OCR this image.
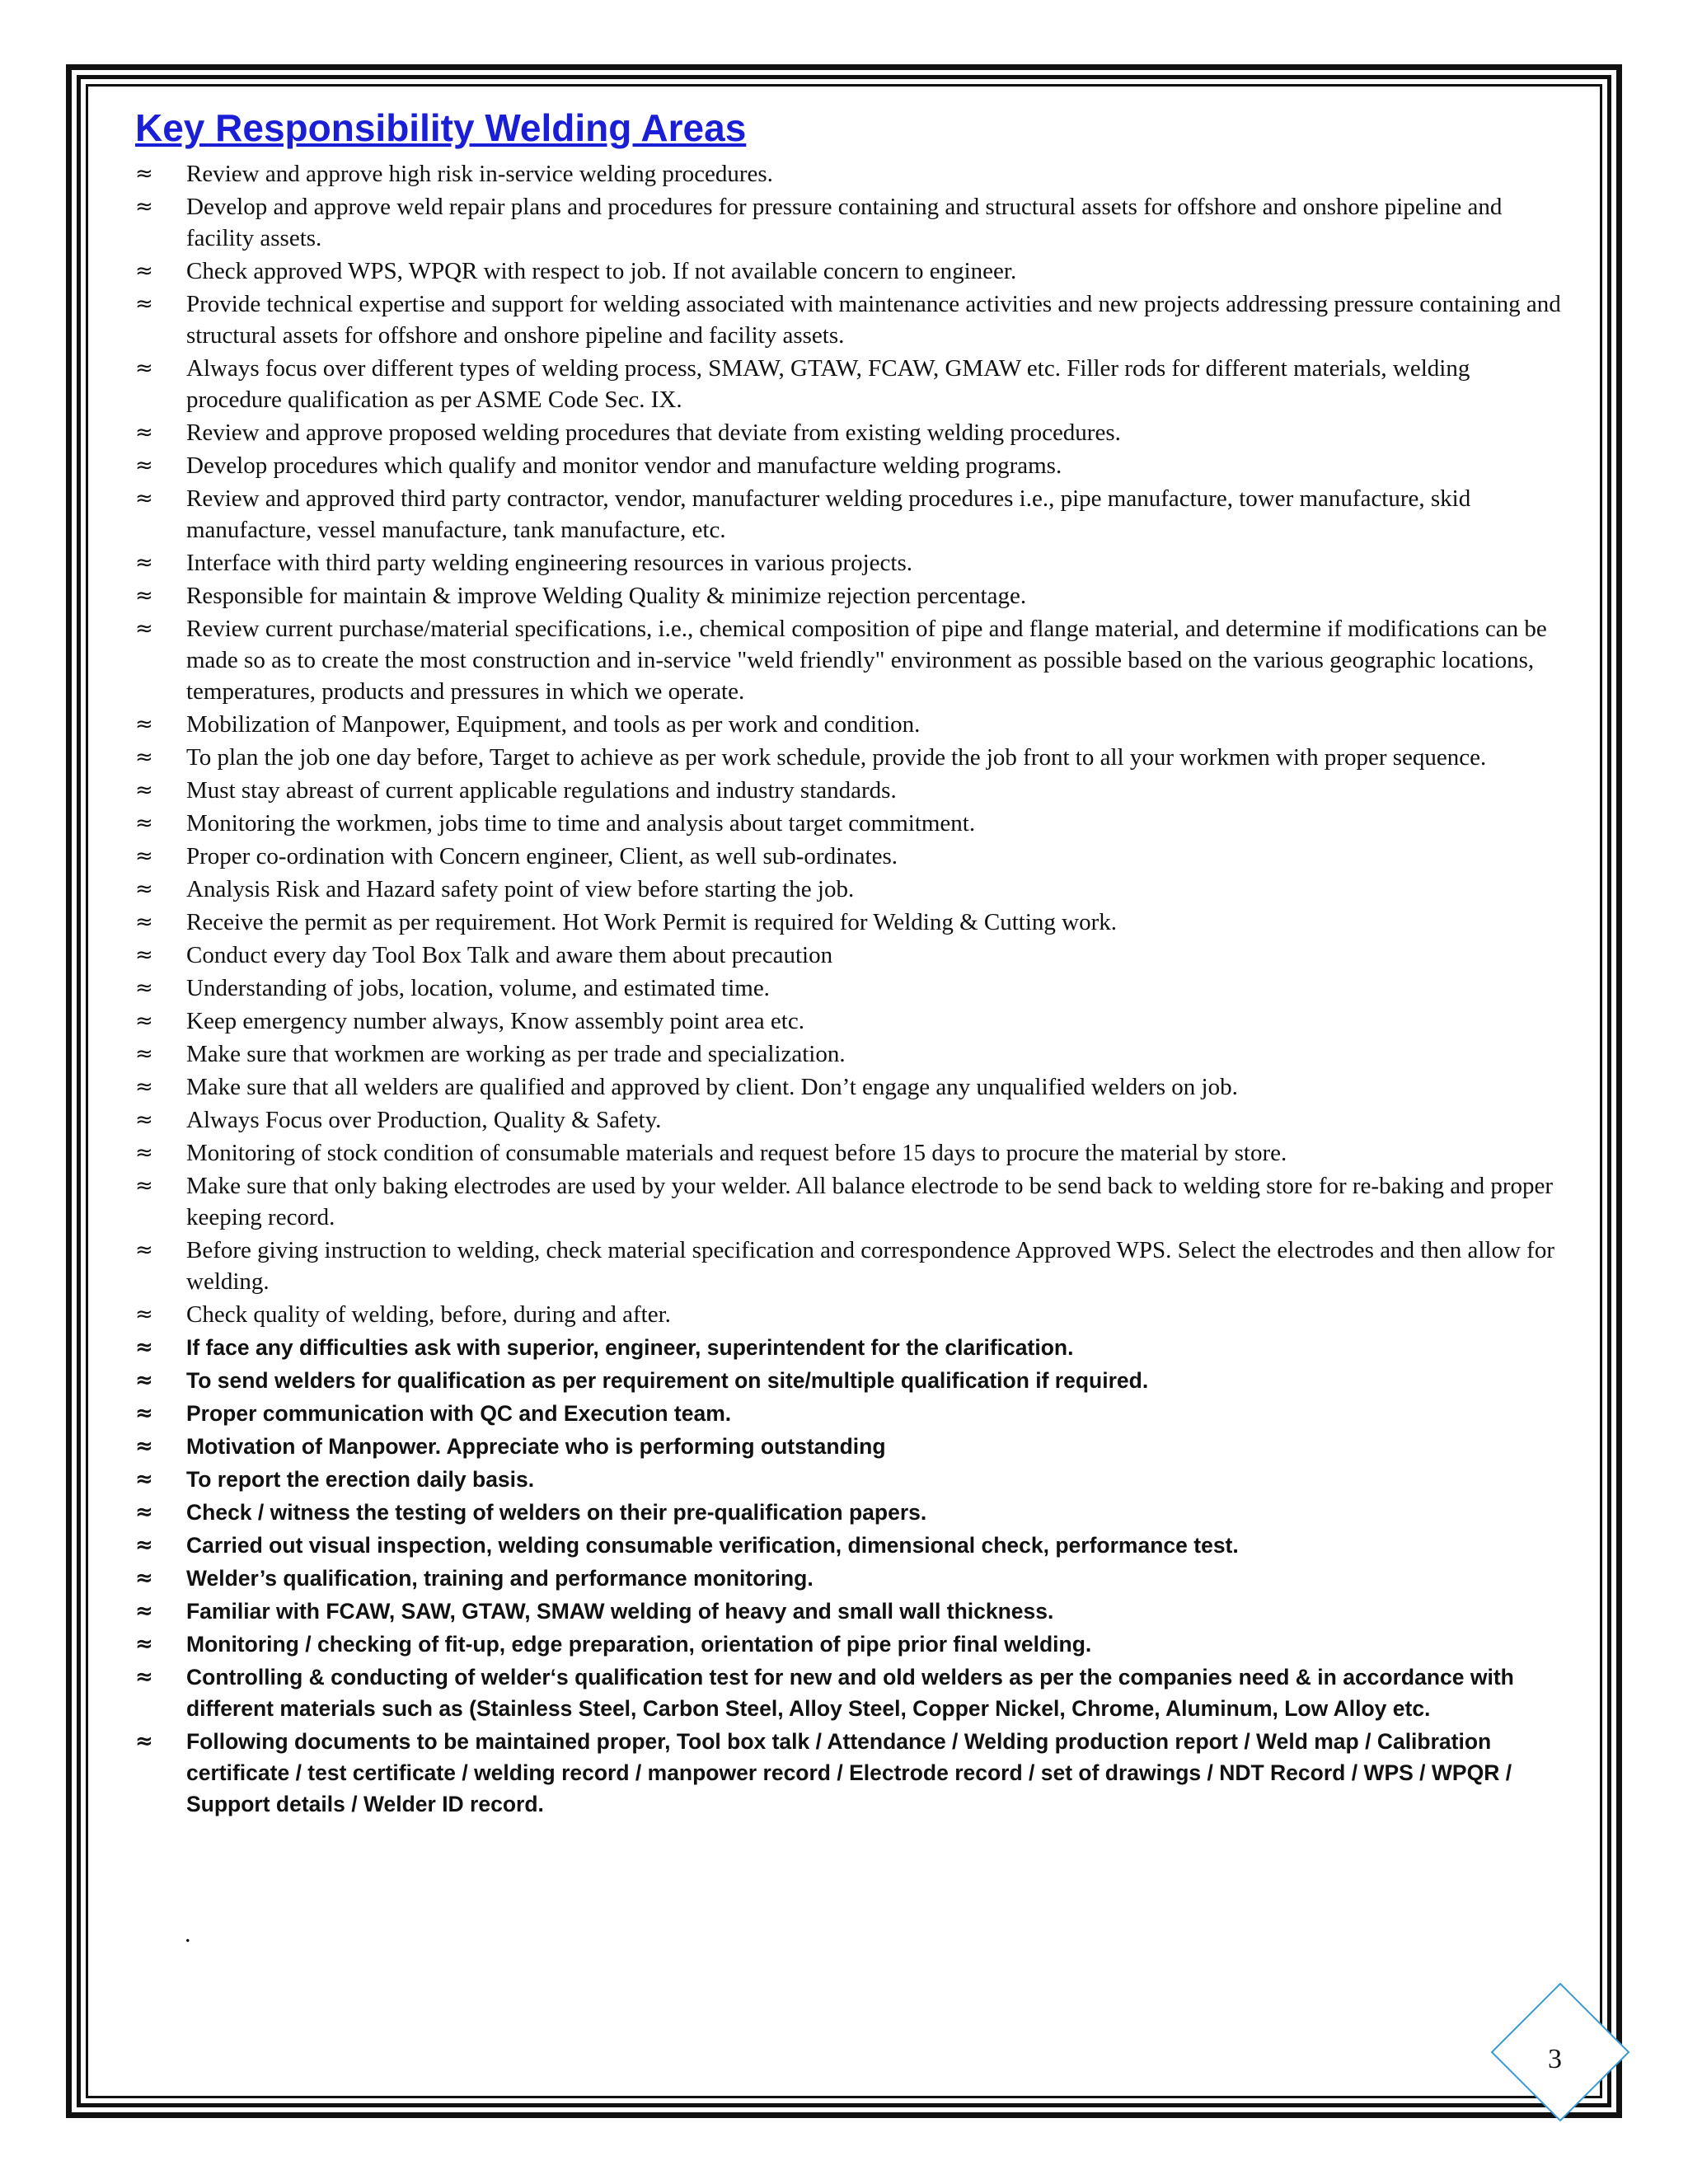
Key Responsibility Welding Areas
≈	Review and approve high risk in-service welding procedures.
≈	Develop and approve weld repair plans and procedures for pressure containing and structural assets for offshore and onshore pipeline and facility assets.
≈	Check approved WPS, WPQR with respect to job. If not available concern to engineer.
≈	Provide technical expertise and support for welding associated with maintenance activities and new projects addressing pressure containing and structural assets for offshore and onshore pipeline and facility assets.
≈	Always focus over different types of welding process, SMAW, GTAW, FCAW, GMAW etc. Filler rods for different materials, welding procedure qualification as per ASME Code Sec. IX.
≈	Review and approve proposed welding procedures that deviate from existing welding procedures.
≈	Develop procedures which qualify and monitor vendor and manufacture welding programs.
≈	Review and approved third party contractor, vendor, manufacturer welding procedures i.e., pipe manufacture, tower manufacture, skid manufacture, vessel manufacture, tank manufacture, etc.
≈	Interface with third party welding engineering resources in various projects.
≈	Responsible for maintain & improve Welding Quality & minimize rejection percentage.
≈	Review current purchase/material specifications, i.e., chemical composition of pipe and flange material, and determine if modifications can be made so as to create the most construction and in-service "weld friendly" environment as possible based on the various geographic locations, temperatures, products and pressures in which we operate.
≈	Mobilization of Manpower, Equipment, and tools as per work and condition.
≈	To plan the job one day before, Target to achieve as per work schedule, provide the job front to all your workmen with proper sequence.
≈	Must stay abreast of current applicable regulations and industry standards.
≈	Monitoring the workmen, jobs time to time and analysis about target commitment.
≈	Proper co-ordination with Concern engineer, Client, as well sub-ordinates.
≈	Analysis Risk and Hazard safety point of view before starting the job.
≈	Receive the permit as per requirement. Hot Work Permit is required for Welding & Cutting work.
≈	Conduct every day Tool Box Talk and aware them about precaution
≈	Understanding of jobs, location, volume, and estimated time.
≈	Keep emergency number always, Know assembly point area etc.
≈	Make sure that workmen are working as per trade and specialization.
≈	Make sure that all welders are qualified and approved by client. Don’t engage any unqualified welders on job.
≈	Always Focus over Production, Quality & Safety.
≈	Monitoring of stock condition of consumable materials and request before 15 days to procure the material by store.
≈	Make sure that only baking electrodes are used by your welder. All balance electrode to be send back to welding store for re-baking and proper keeping record.
≈	Before giving instruction to welding, check material specification and correspondence Approved WPS. Select the electrodes and then allow for welding.
≈	Check quality of welding, before, during and after.
≈	If face any difficulties ask with superior, engineer, superintendent for the clarification.
≈	To send welders for qualification as per requirement on site/multiple qualification if required.
≈	Proper communication with QC and Execution team.
≈	Motivation of Manpower. Appreciate who is performing outstanding
≈	To report the erection daily basis.
≈	Check / witness the testing of welders on their pre-qualification papers.
≈	Carried out visual inspection, welding consumable verification, dimensional check, performance test.
≈	Welder’s qualification, training and performance monitoring.
≈	Familiar with FCAW, SAW, GTAW, SMAW welding of heavy and small wall thickness.
≈	Monitoring / checking of fit-up, edge preparation, orientation of pipe prior final welding.
≈	Controlling & conducting of welder‘s qualification test for new and old welders as per the companies need & in accordance with different materials such as (Stainless Steel, Carbon Steel, Alloy Steel, Copper Nickel, Chrome, Aluminum, Low Alloy etc.
≈	Following documents to be maintained proper, Tool box talk / Attendance / Welding production report / Weld map / Calibration certificate / test certificate / welding record / manpower record / Electrode record / set of drawings / NDT Record / WPS / WPQR / Support details / Welder ID record.
.
3
